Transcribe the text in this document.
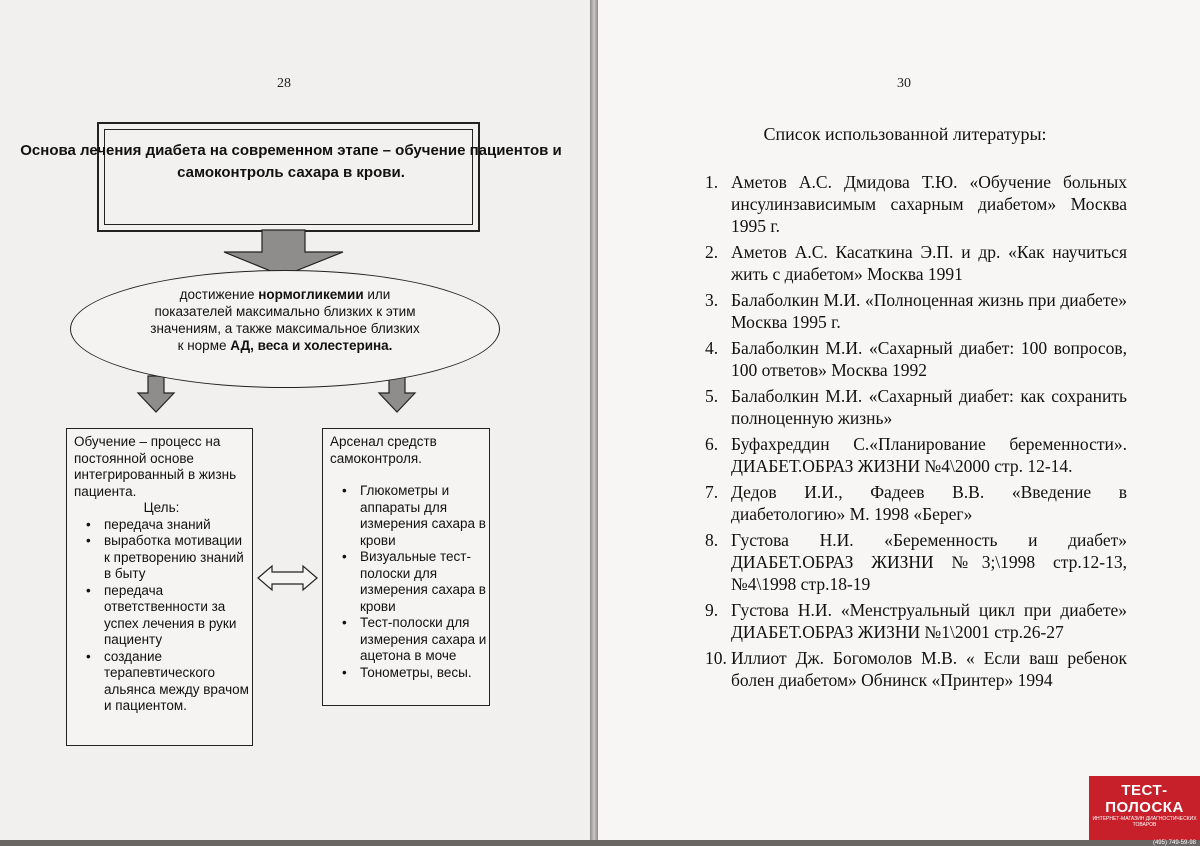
28
Основа лечения диабета на современном этапе – обучение пациентов и самоконтроль сахара в крови.
достижение нормогликемии или показателей максимально близких к этим значениям, а также максимальное близких к норме АД, веса и холестерина.
Обучение – процесс на постоянной основе интегрированный в жизнь пациента.
Цель:
• передача знаний
• выработка мотивации к претворению знаний в быту
• передача ответственности за успех лечения в руки пациенту
• создание терапевтического альянса между врачом и пациентом.
Арсенал средств самоконтроля.
• Глюкометры и аппараты для измерения сахара в крови
• Визуальные тест-полоски для измерения сахара в крови
• Тест-полоски для измерения сахара и ацетона в моче
• Тонометры, весы.
30
Список использованной литературы:
1. Аметов А.С. Дмидова Т.Ю. «Обучение больных инсулинзависимым сахарным диабетом» Москва 1995 г.
2. Аметов А.С. Касаткина Э.П. и др. «Как научиться жить с диабетом» Москва 1991
3. Балаболкин М.И. «Полноценная жизнь при диабете» Москва 1995 г.
4. Балаболкин М.И. «Сахарный диабет: 100 вопросов, 100 ответов» Москва 1992
5. Балаболкин М.И. «Сахарный диабет: как сохранить полноценную жизнь»
6. Буфахреддин С.«Планирование беременности». ДИАБЕТ.ОБРАЗ ЖИЗНИ №4\2000 стр. 12-14.
7. Дедов И.И., Фадеев В.В. «Введение в диабетологию» М. 1998 «Берег»
8. Густова Н.И. «Беременность и диабет» ДИАБЕТ.ОБРАЗ ЖИЗНИ №3;\1998 стр.12-13, №4\1998 стр.18-19
9. Густова Н.И. «Менструальный цикл при диабете» ДИАБЕТ.ОБРАЗ ЖИЗНИ №1\2001 стр.26-27
10. Иллиот Дж. Богомолов М.В. « Если ваш ребенок болен диабетом» Обнинск «Принтер» 1994
ТЕСТ-ПОЛОСКА
ИНТЕРНЕТ-МАГАЗИН ДИАГНОСТИЧЕСКИХ ТОВАРОВ
(495) 749-59-98
